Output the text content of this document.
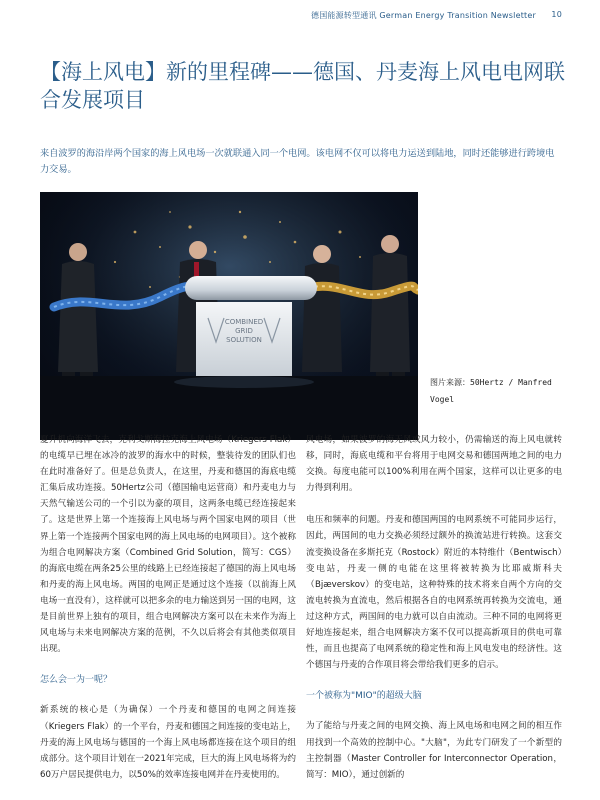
德国能源转型通讯 German Energy Transition Newsletter 10
【海上风电】新的里程碑——德国、丹麦海上风电电网联合发展项目

来自波罗的海沿岸两个国家的海上风电场一次就联通入同一个电网。该电网不仅可以将电力运送到陆地，同时还能够进行跨境电力交易。

COMBINED
GRID
SOLUTION
图片来源：50Hertz / Manfred Vogel

夏升机向海洋飞去，克利戈斯海拉克海上风电场（Kriegers Flak）的电缆早已埋在冰冷的波罗的海水中的时候，整装待发的团队们也在此时准备好了。但是总负责人，在这里，丹麦和德国的海底电缆汇集后成功连接。50Hertz公司（德国输电运营商）和丹麦电力与天然气输送公司的一个引以为豪的项目，这两条电缆已经连接起来了。这是世界上第一个连接海上风电场与两个国家电网的项目（世界上第一个连接两个国家电网的海上风电场的电网项目）。这个被称为组合电网解决方案（Combined Grid Solution，简写：CGS）的海底电缆在两条25公里的线路上已经连接起了德国的海上风电场和丹麦的海上风电场。两国的电网正是通过这个连接（以前海上风电场一直没有），这样就可以把多余的电力输送到另一国的电网，这是目前世界上独有的项目，组合电网解决方案可以在未来作为海上风电场与未来电网解决方案的范例，不久以后将会有其他类似项目出现。

怎么会一为一呢？

新系统的核心是（为确保）一个丹麦和德国的电网之间连接（Kriegers Flak）的一个平台，丹麦和德国之间连接的变电站上，丹麦的海上风电场与德国的一个海上风电场都连接在这个项目的组成部分。这个项目计划在一2021年完成，巨大的海上风电场将为约60万户居民提供电力，以50%的效率连接电网并在丹麦使用的。

风电场，如果波罗的海无风或风力较小，仍需输送的海上风电就转移，同时，海底电缆和平台将用于电网交易和德国两地之间的电力交换。每度电能可以100%利用在两个国家，这样可以让更多的电力得到利用。

电压和频率的问题。丹麦和德国两国的电网系统不可能同步运行，因此，两国间的电力交换必须经过额外的换流站进行转换。这套交流变换设备在多斯托克（Rostock）附近的本特维什（Bentwisch）变电站，丹麦一侧的电能在这里将被转换为比耶威斯科夫（Bjæverskov）的变电站，这种特殊的技术将来自两个方向的交流电转换为直流电，然后根据各自的电网系统再转换为交流电，通过这种方式，两国间的电力就可以自由流动。三种不同的电网将更好地连接起来，组合电网解决方案不仅可以提高新项目的供电可靠性，而且也提高了电网系统的稳定性和海上风电发电的经济性。这个德国与丹麦的合作项目将会带给我们更多的启示。

一个被称为"MIO"的超级大脑

为了能给与丹麦之间的电网交换、海上风电场和电网之间的相互作用找到一个高效的控制中心。"大脑"，为此专门研发了一个新型的主控制器（Master Controller for Interconnector Operation，简写：MIO），通过创新的
